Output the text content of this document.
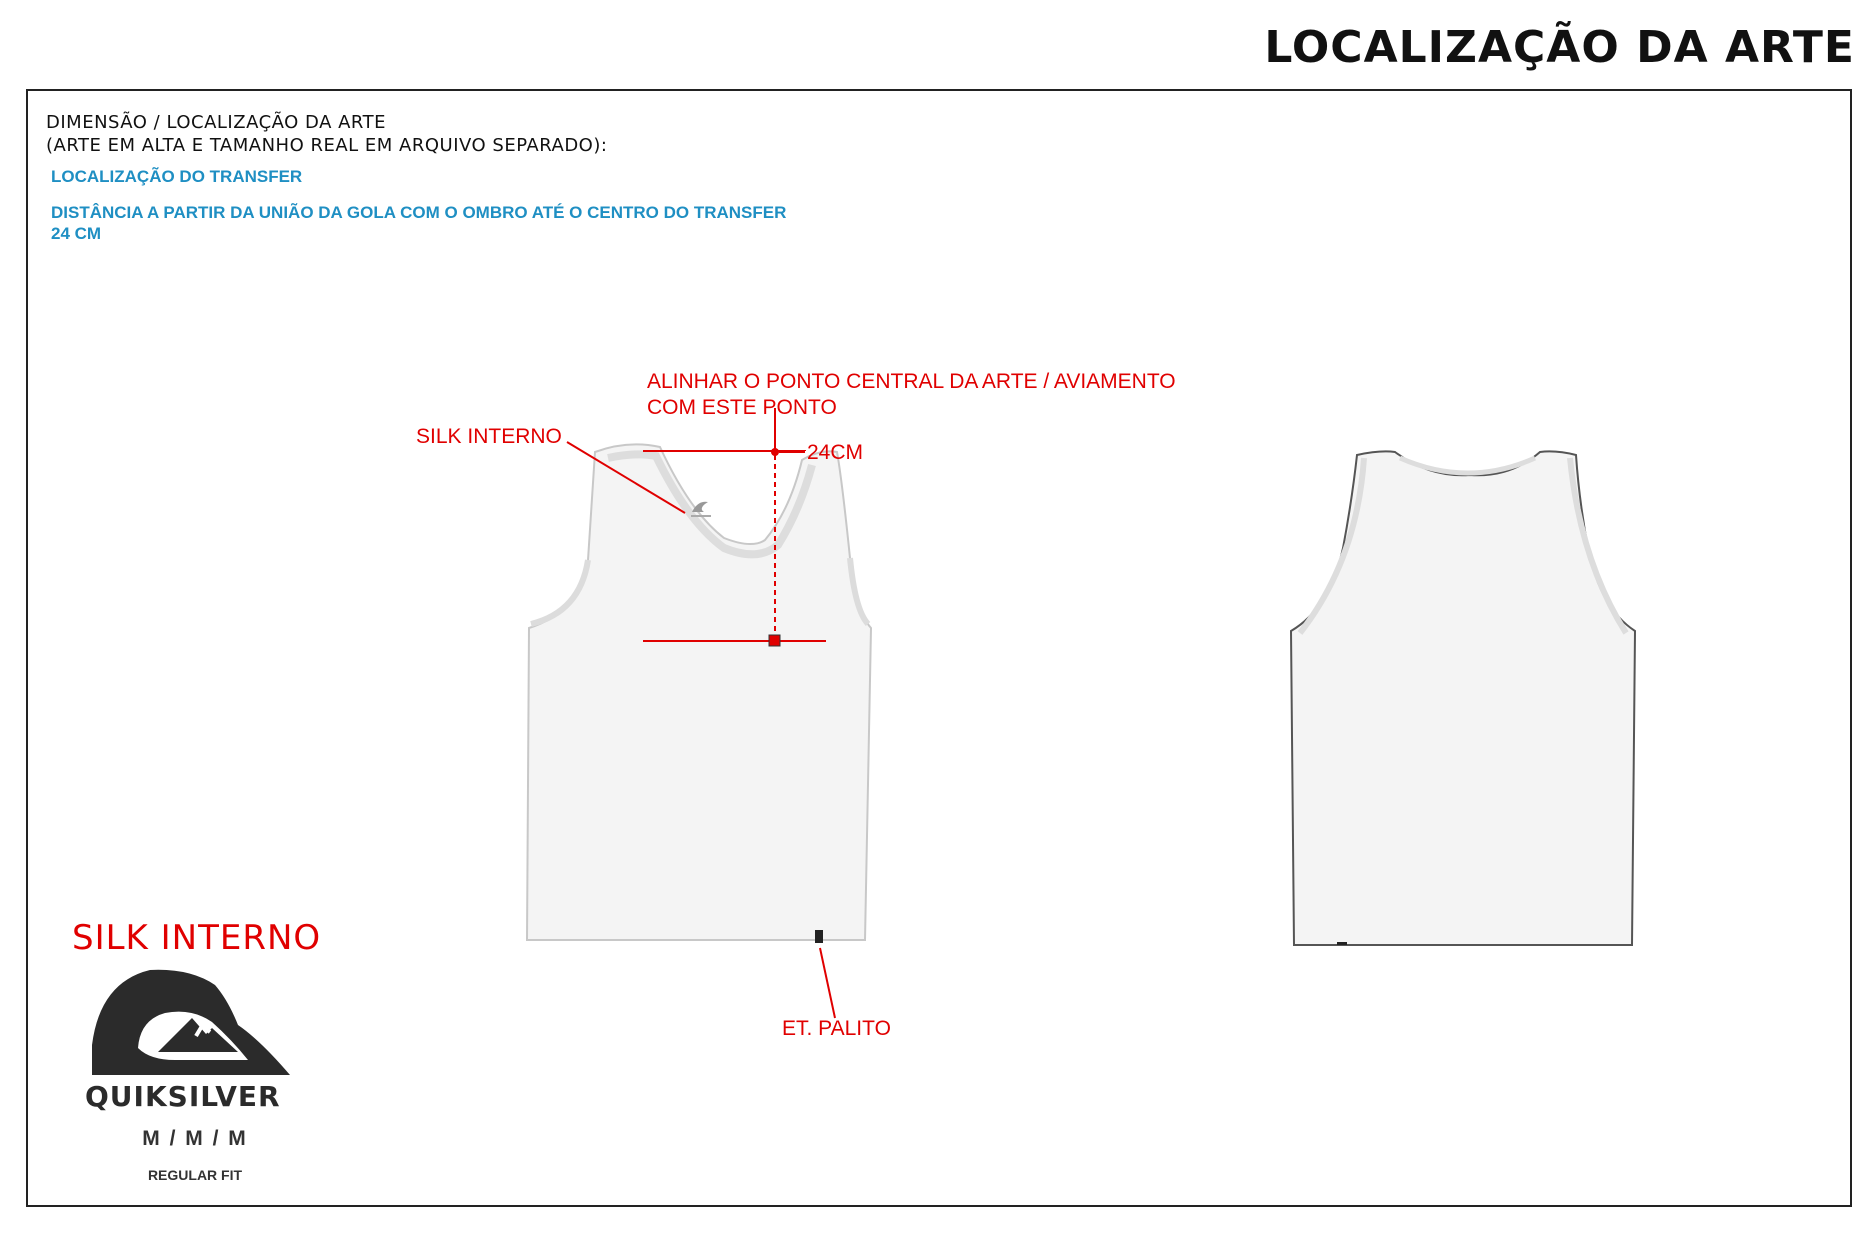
LOCALIZAÇÃO DA ARTE
DIMENSÃO / LOCALIZAÇÃO DA ARTE
(ARTE EM ALTA E TAMANHO REAL EM ARQUIVO SEPARADO):
LOCALIZAÇÃO DO TRANSFER
DISTÂNCIA A PARTIR DA UNIÃO DA GOLA COM O OMBRO ATÉ O CENTRO DO TRANSFER
24 CM
QUIKSILVER
ALINHAR O PONTO CENTRAL DA ARTE / AVIAMENTO
COM ESTE PONTO
SILK INTERNO
24CM
ET. PALITO
SILK INTERNO
M / M / M
REGULAR FIT
